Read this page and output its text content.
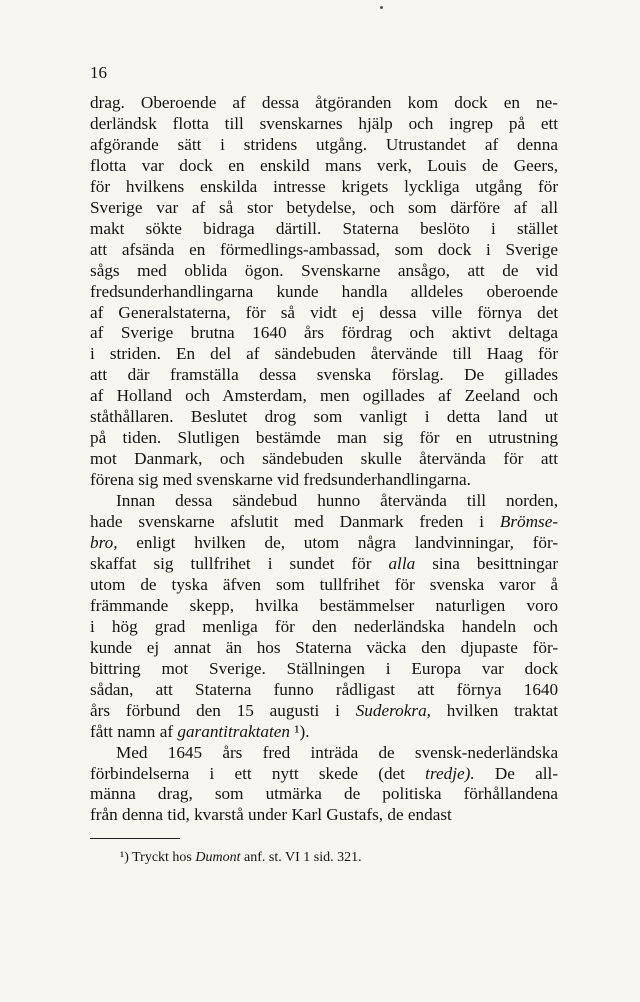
16

drag. Oberoende af dessa åtgöranden kom dock en ne-
derländsk flotta till svenskarnes hjälp och ingrep på ett
afgörande sätt i stridens utgång. Utrustandet af denna
flotta var dock en enskild mans verk, Louis de Geers,
för hvilkens enskilda intresse krigets lyckliga utgång för
Sverige var af så stor betydelse, och som därföre af all
makt sökte bidraga därtill. Staterna beslöto i stället
att afsända en förmedlings-ambassad, som dock i Sverige
sågs med oblida ögon. Svenskarne ansågo, att de vid
fredsunderhandlingarna kunde handla alldeles oberoende
af Generalstaterna, för så vidt ej dessa ville förnya det
af Sverige brutna 1640 års fördrag och aktivt deltaga
i striden. En del af sändebuden återvände till Haag för
att där framställa dessa svenska förslag. De gillades
af Holland och Amsterdam, men ogillades af Zeeland och
ståthållaren. Beslutet drog som vanligt i detta land ut
på tiden. Slutligen bestämde man sig för en utrustning
mot Danmark, och sändebuden skulle återvända för att
förena sig med svenskarne vid fredsunderhandlingarna.

Innan dessa sändebud hunno återvända till norden,
hade svenskarne afslutit med Danmark freden i Brömse-
bro, enligt hvilken de, utom några landvinningar, för-
skaffat sig tullfrihet i sundet för alla sina besittningar
utom de tyska äfven som tullfrihet för svenska varor å
främmande skepp, hvilka bestämmelser naturligen voro
i hög grad menliga för den nederländska handeln och
kunde ej annat än hos Staterna väcka den djupaste för-
bittring mot Sverige. Ställningen i Europa var dock
sådan, att Staterna funno rådligast att förnya 1640
års förbund den 15 augusti i Suderokra, hvilken traktat
fått namn af garantitraktaten ¹).

Med 1645 års fred inträda de svensk-nederländska
förbindelserna i ett nytt skede (det tredje). De all-
männa drag, som utmärka de politiska förhållandena
från denna tid, kvarstå under Karl Gustafs, de endast

¹) Tryckt hos Dumont anf. st. VI 1 sid. 321.
